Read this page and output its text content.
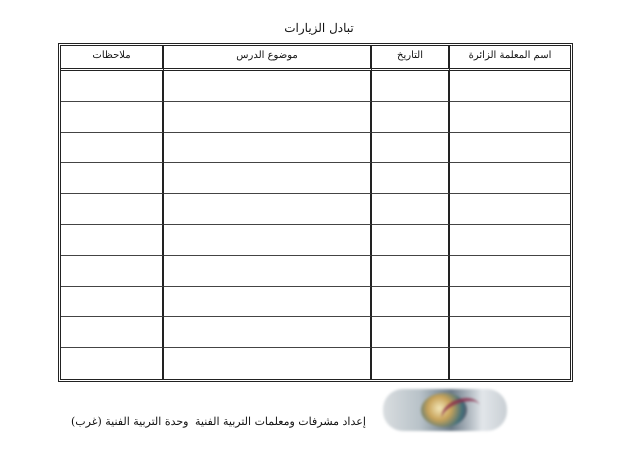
تبادل الزيارات
ملاحظات	موضوع الدرس	التاريخ	اسم المعلمة الزائرة
إعداد مشرفات ومعلمات التربية الفنية
وحدة التربية الفنية (غرب)
